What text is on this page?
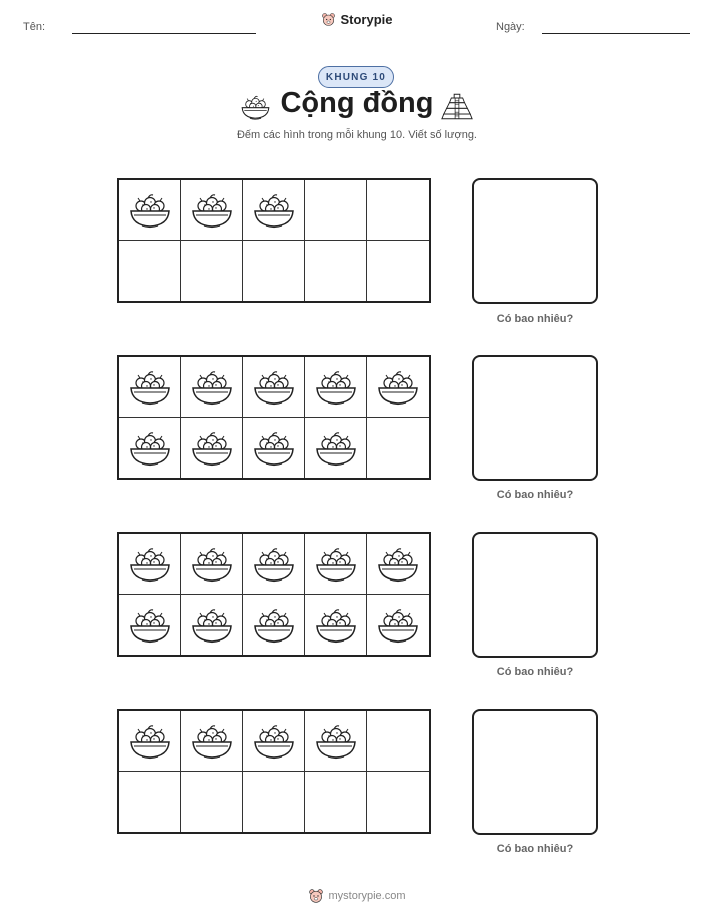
Tên:	Storypie	Ngày:
KHUNG 10
Cộng đồng
Đếm các hình trong mỗi khung 10. Viết số lượng.
Có bao nhiêu?
Có bao nhiêu?
Có bao nhiêu?
Có bao nhiêu?
mystorypie.com
